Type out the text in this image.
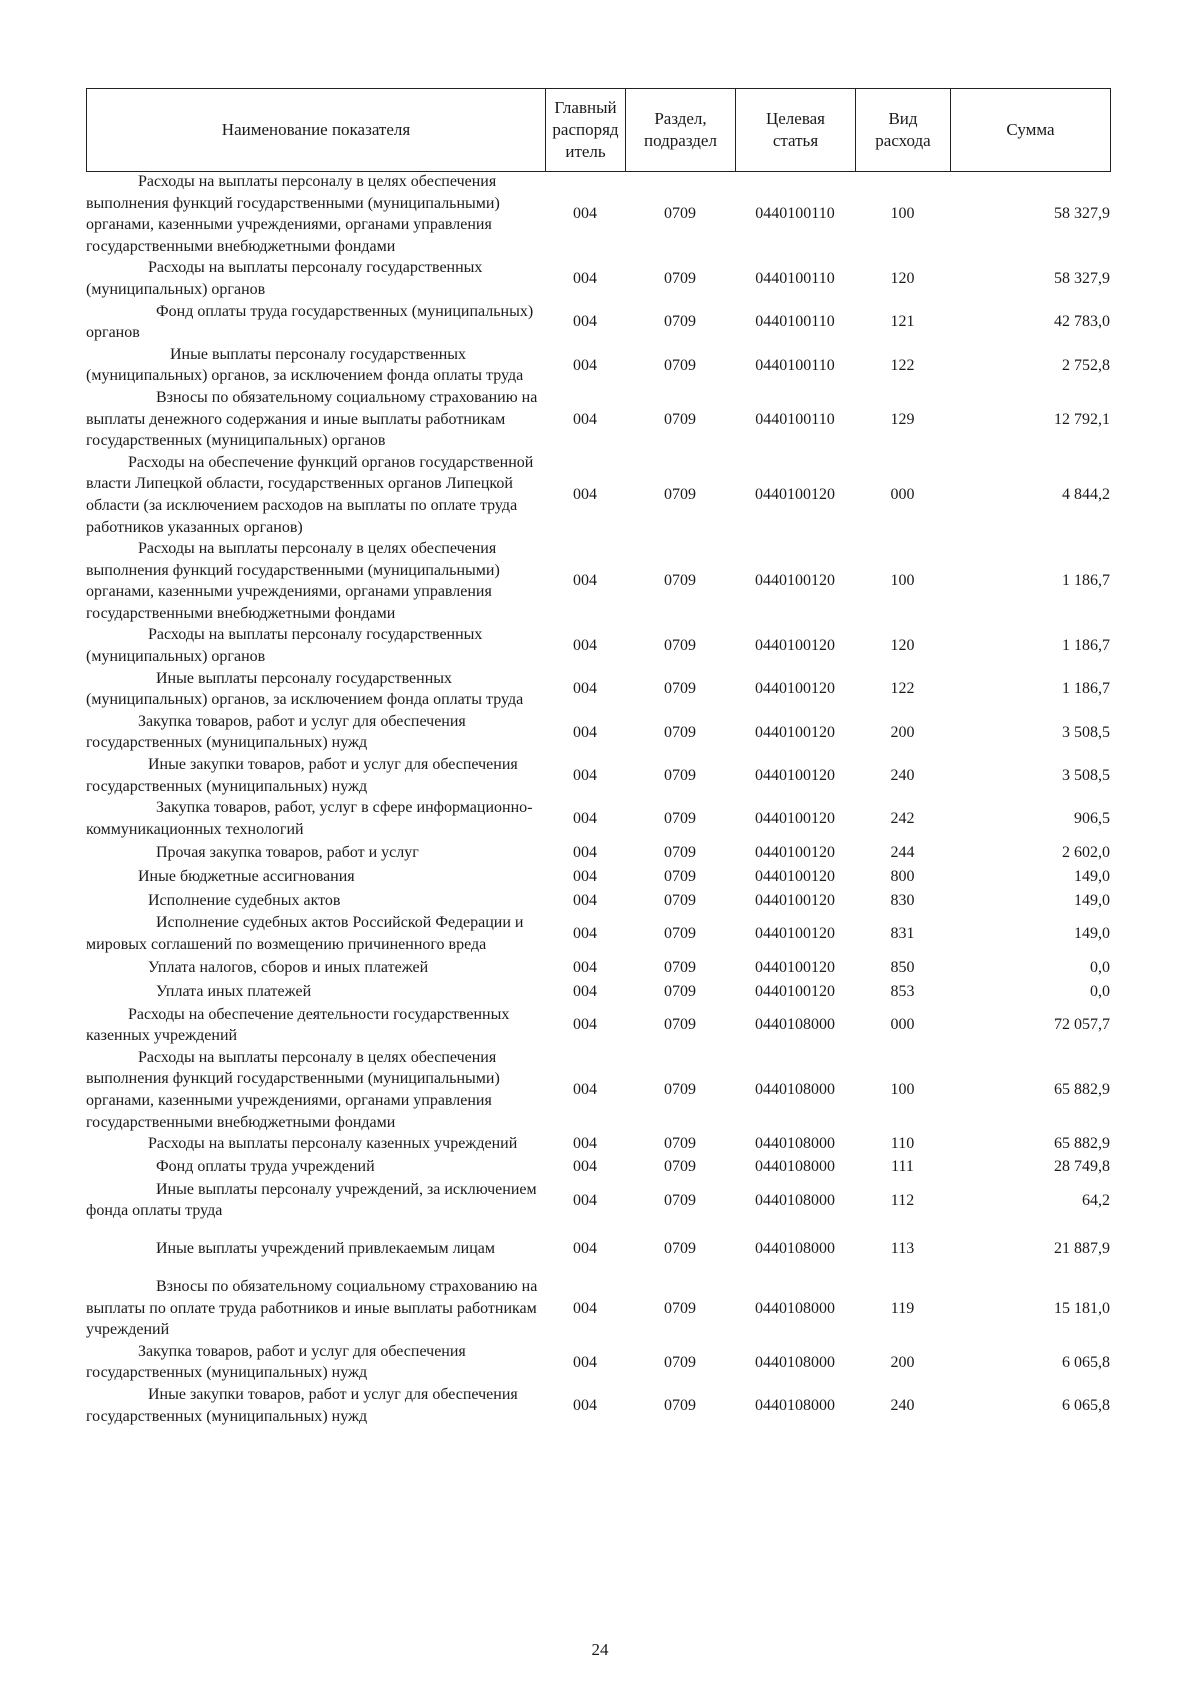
Наименование показателя	Главный распоряд итель	Раздел, подраздел	Целевая статья	Вид расхода	Сумма
Расходы на выплаты персоналу в целях обеспечения выполнения функций государственными (муниципальными) органами, казенными учреждениями, органами управления государственными внебюджетными фондами	004	0709	0440100110	100	58 327,9
Расходы на выплаты персоналу государственных (муниципальных) органов	004	0709	0440100110	120	58 327,9
Фонд оплаты труда государственных (муниципальных) органов	004	0709	0440100110	121	42 783,0
Иные выплаты персоналу государственных (муниципальных) органов, за исключением фонда оплаты труда	004	0709	0440100110	122	2 752,8
Взносы по обязательному социальному страхованию на выплаты денежного содержания и иные выплаты работникам государственных (муниципальных) органов	004	0709	0440100110	129	12 792,1
Расходы на обеспечение функций органов государственной власти Липецкой области, государственных органов Липецкой области (за исключением расходов на выплаты по оплате труда работников указанных органов)	004	0709	0440100120	000	4 844,2
Расходы на выплаты персоналу в целях обеспечения выполнения функций государственными (муниципальными) органами, казенными учреждениями, органами управления государственными внебюджетными фондами	004	0709	0440100120	100	1 186,7
Расходы на выплаты персоналу государственных (муниципальных) органов	004	0709	0440100120	120	1 186,7
Иные выплаты персоналу государственных (муниципальных) органов, за исключением фонда оплаты труда	004	0709	0440100120	122	1 186,7
Закупка товаров, работ и услуг для обеспечения государственных (муниципальных) нужд	004	0709	0440100120	200	3 508,5
Иные закупки товаров, работ и услуг для обеспечения государственных (муниципальных) нужд	004	0709	0440100120	240	3 508,5
Закупка товаров, работ, услуг в сфере информационно-коммуникационных технологий	004	0709	0440100120	242	906,5
Прочая закупка товаров, работ и услуг	004	0709	0440100120	244	2 602,0
Иные бюджетные ассигнования	004	0709	0440100120	800	149,0
Исполнение судебных актов	004	0709	0440100120	830	149,0
Исполнение судебных актов Российской Федерации и мировых соглашений по возмещению причиненного вреда	004	0709	0440100120	831	149,0
Уплата налогов, сборов и иных платежей	004	0709	0440100120	850	0,0
Уплата иных платежей	004	0709	0440100120	853	0,0
Расходы на обеспечение деятельности государственных казенных учреждений	004	0709	0440108000	000	72 057,7
Расходы на выплаты персоналу в целях обеспечения выполнения функций государственными (муниципальными) органами, казенными учреждениями, органами управления государственными внебюджетными фондами	004	0709	0440108000	100	65 882,9
Расходы на выплаты персоналу казенных учреждений	004	0709	0440108000	110	65 882,9
Фонд оплаты труда учреждений	004	0709	0440108000	111	28 749,8
Иные выплаты персоналу учреждений, за исключением фонда оплаты труда	004	0709	0440108000	112	64,2
Иные выплаты учреждений привлекаемым лицам	004	0709	0440108000	113	21 887,9
Взносы по обязательному социальному страхованию на выплаты по оплате труда работников и иные выплаты работникам учреждений	004	0709	0440108000	119	15 181,0
Закупка товаров, работ и услуг для обеспечения государственных (муниципальных) нужд	004	0709	0440108000	200	6 065,8
Иные закупки товаров, работ и услуг для обеспечения государственных (муниципальных) нужд	004	0709	0440108000	240	6 065,8
24
